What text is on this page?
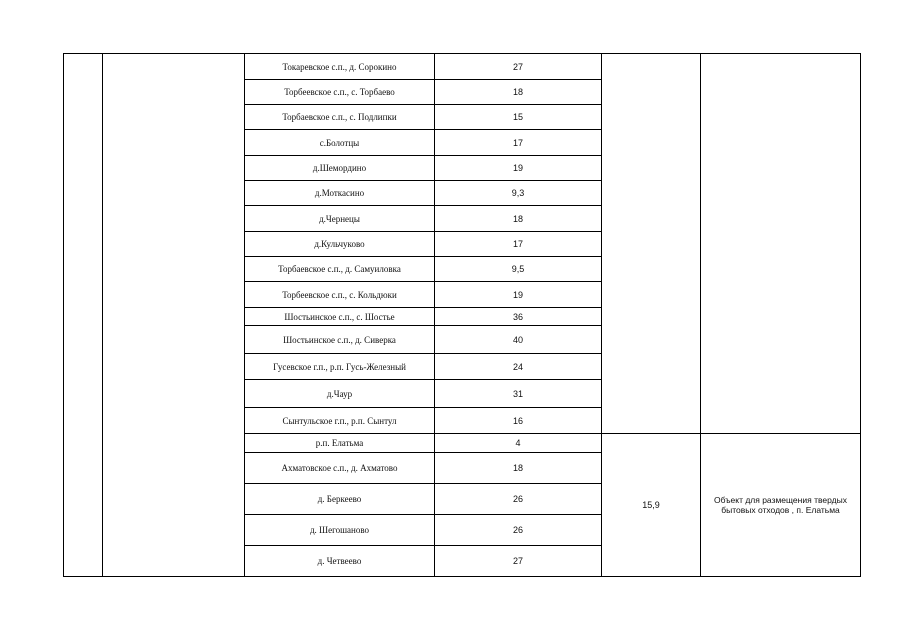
		Токаревское с.п., д. Сорокино	27		
		Торбеевское с.п., с. Торбаево	18		
		Торбаевское с.п., с. Подлипки	15		
		с.Болотцы	17		
		д.Шемордино	19		
		д.Моткасино	9,3		
		д.Чернецы	18		
		д.Кульчуково	17		
		Торбаевское с.п., д. Самуиловка	9,5		
		Торбеевское с.п., с. Кольдюки	19		
		Шостьинское с.п., с. Шостье	36		
		Шостьинское с.п., д. Сиверка	40		
		Гусевское г.п., р.п. Гусь-Железный	24		
		д.Чаур	31		
		Сынтульское г.п., р.п. Сынтул	16		
		р.п. Елатьма	4	15,9	Объект для размещения твердых бытовых отходов , п. Елатьма
		Ахматовское с.п., д. Ахматово	18		
		д. Беркеево	26		
		д. Шегошаново	26		
		д. Четвеево	27		
